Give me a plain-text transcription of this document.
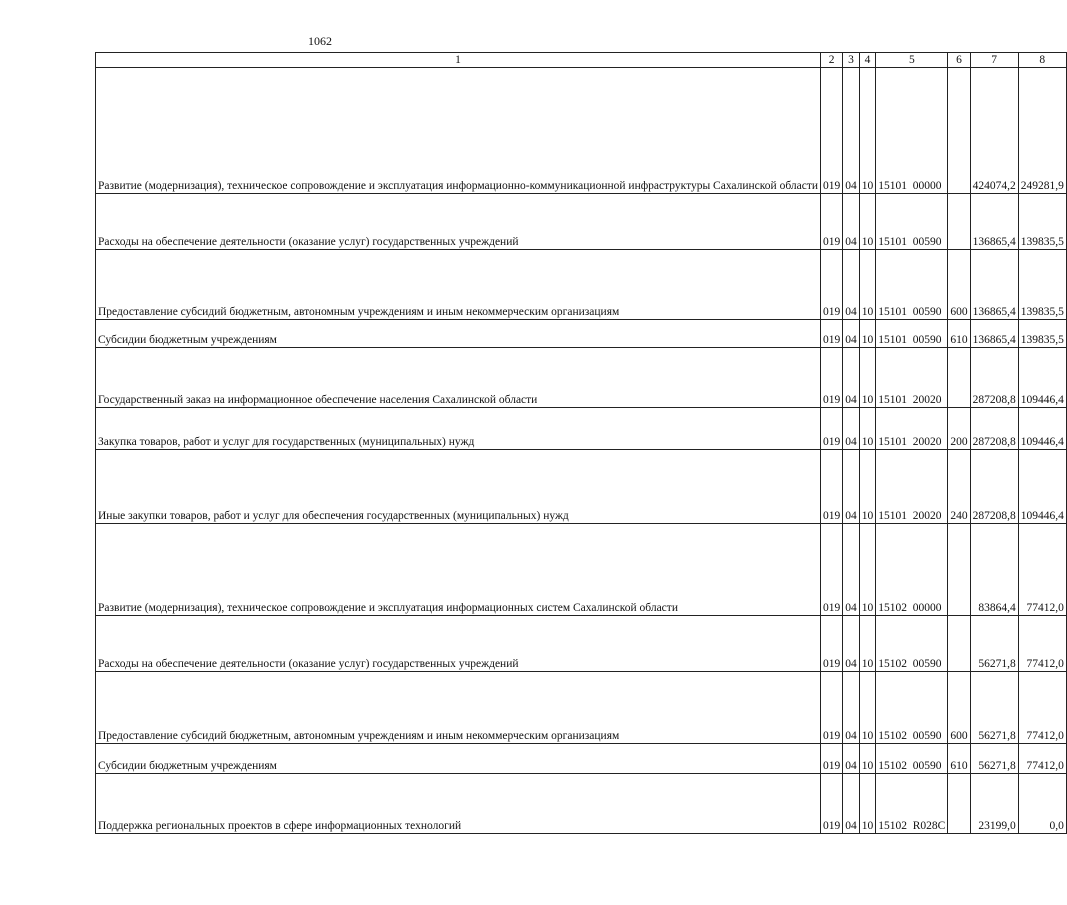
1062
1	2	3	4	5	6	7	8
Развитие (модернизация), техническое сопровождение и эксплуатация информационно-коммуникационной инфраструктуры Сахалинской области	019	04	10	15101  00000		424074,2	249281,9
Расходы на обеспечение деятельности (оказание услуг) государственных учреждений	019	04	10	15101  00590		136865,4	139835,5
Предоставление субсидий бюджетным, автономным учреждениям и иным некоммерческим организациям	019	04	10	15101  00590	600	136865,4	139835,5
Субсидии бюджетным учреждениям	019	04	10	15101  00590	610	136865,4	139835,5
Государственный заказ на информационное обеспечение населения Сахалинской области	019	04	10	15101  20020		287208,8	109446,4
Закупка товаров, работ и услуг для государственных (муниципальных) нужд	019	04	10	15101  20020	200	287208,8	109446,4
Иные закупки товаров, работ и услуг для обеспечения государственных (муниципальных) нужд	019	04	10	15101  20020	240	287208,8	109446,4
Развитие (модернизация), техническое сопровождение и эксплуатация информационных систем Сахалинской области	019	04	10	15102  00000		83864,4	77412,0
Расходы на обеспечение деятельности (оказание услуг) государственных учреждений	019	04	10	15102  00590		56271,8	77412,0
Предоставление субсидий бюджетным, автономным учреждениям и иным некоммерческим организациям	019	04	10	15102  00590	600	56271,8	77412,0
Субсидии бюджетным учреждениям	019	04	10	15102  00590	610	56271,8	77412,0
Поддержка региональных проектов в сфере информационных технологий	019	04	10	15102  R028C		23199,0	0,0
